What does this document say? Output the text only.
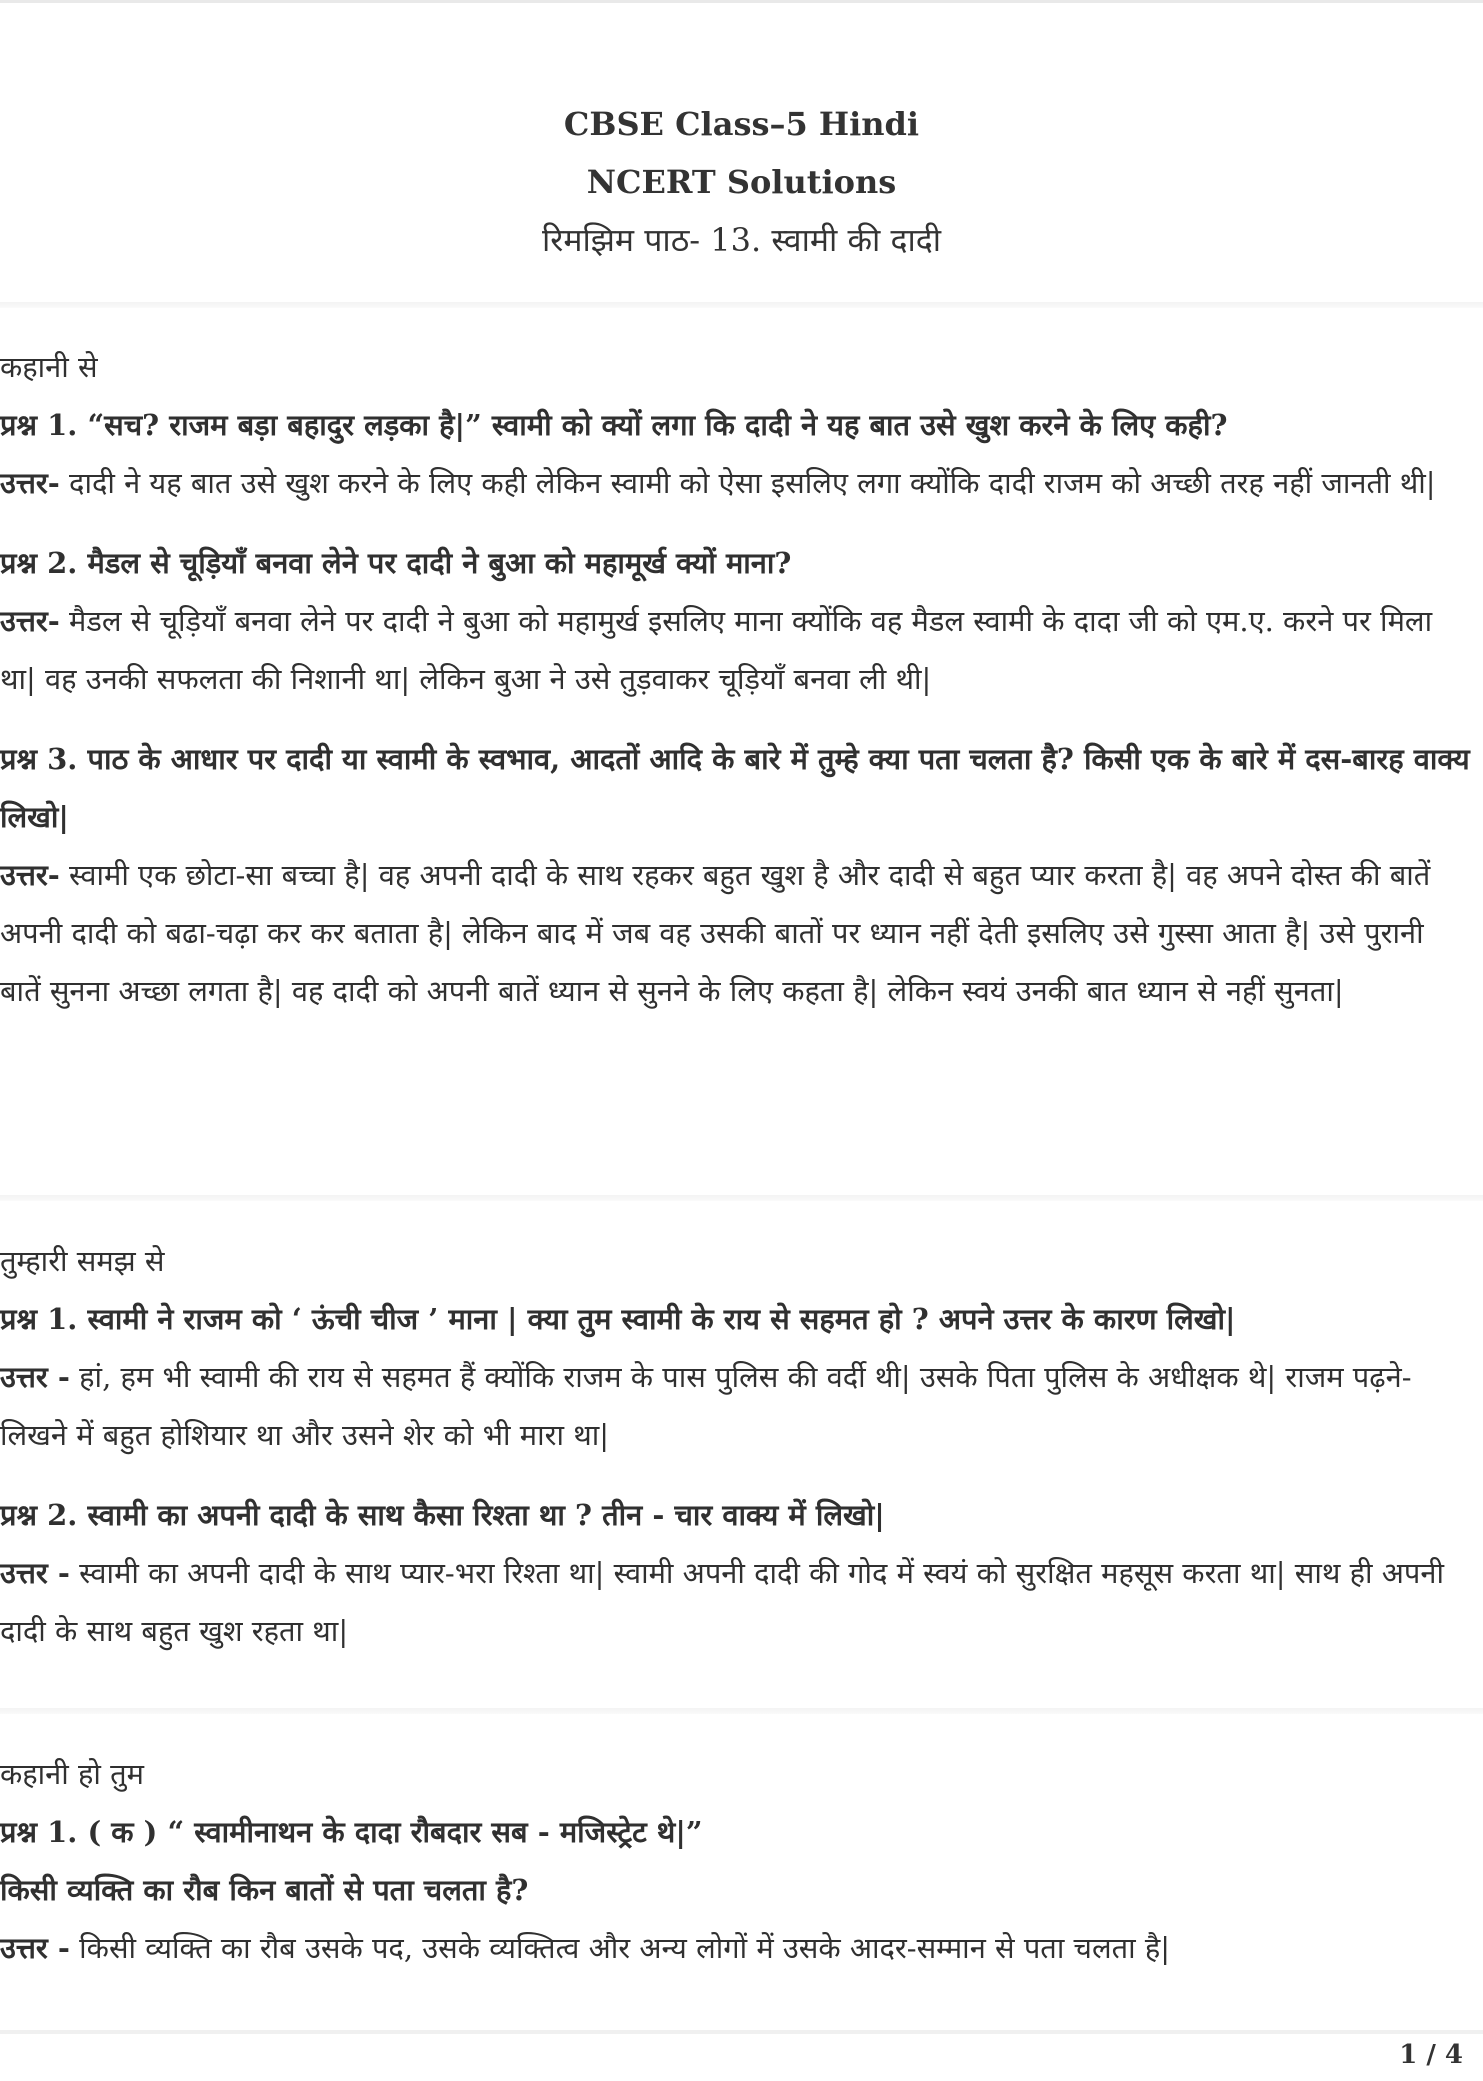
CBSE Class–5 Hindi
NCERT Solutions
रिमझिम पाठ- 13. स्वामी की दादी
कहानी से
प्रश्न 1. “सच? राजम बड़ा बहादुर लड़का है|” स्वामी को क्यों लगा कि दादी ने यह बात उसे खुश करने के लिए कही?
उत्तर- दादी ने यह बात उसे खुश करने के लिए कही लेकिन स्वामी को ऐसा इसलिए लगा क्योंकि दादी राजम को अच्छी तरह नहीं जानती थी|
प्रश्न 2. मैडल से चूड़ियाँ बनवा लेने पर दादी ने बुआ को महामूर्ख क्यों माना?
उत्तर- मैडल से चूड़ियाँ बनवा लेने पर दादी ने बुआ को महामुर्ख इसलिए माना क्योंकि वह मैडल स्वामी के दादा जी को एम.ए. करने पर मिला था| वह उनकी सफलता की निशानी था| लेकिन बुआ ने उसे तुड़वाकर चूड़ियाँ बनवा ली थी|
प्रश्न 3. पाठ के आधार पर दादी या स्वामी के स्वभाव, आदतों आदि के बारे में तुम्हे क्या पता चलता है? किसी एक के बारे में दस-बारह वाक्य लिखो|
उत्तर- स्वामी एक छोटा-सा बच्चा है| वह अपनी दादी के साथ रहकर बहुत खुश है और दादी से बहुत प्यार करता है| वह अपने दोस्त की बातें अपनी दादी को बढा-चढ़ा कर कर बताता है| लेकिन बाद में जब वह उसकी बातों पर ध्यान नहीं देती इसलिए उसे गुस्सा आता है| उसे पुरानी बातें सुनना अच्छा लगता है| वह दादी को अपनी बातें ध्यान से सुनने के लिए कहता है| लेकिन स्वयं उनकी बात ध्यान से नहीं सुनता|
तुम्हारी समझ से
प्रश्न 1. स्वामी ने राजम को ‘ ऊंची चीज ’ माना | क्या तुम स्वामी के राय से सहमत हो ? अपने उत्तर के कारण लिखो|
उत्तर - हां, हम भी स्वामी की राय से सहमत हैं क्योंकि राजम के पास पुलिस की वर्दी थी| उसके पिता पुलिस के अधीक्षक थे| राजम पढ़ने-लिखने में बहुत होशियार था और उसने शेर को भी मारा था|
प्रश्न 2. स्वामी का अपनी दादी के साथ कैसा रिश्ता था ? तीन - चार वाक्य में लिखो|
उत्तर - स्वामी का अपनी दादी के साथ प्यार-भरा रिश्ता था| स्वामी अपनी दादी की गोद में स्वयं को सुरक्षित महसूस करता था| साथ ही अपनी दादी के साथ बहुत खुश रहता था|
कहानी हो तुम
प्रश्न 1. ( क ) “ स्वामीनाथन के दादा रौबदार सब - मजिस्ट्रेट थे|”
किसी व्यक्ति का रौब किन बातों से पता चलता है?
उत्तर - किसी व्यक्ति का रौब उसके पद, उसके व्यक्तित्व और अन्य लोगों में उसके आदर-सम्मान से पता चलता है|
1 / 4
